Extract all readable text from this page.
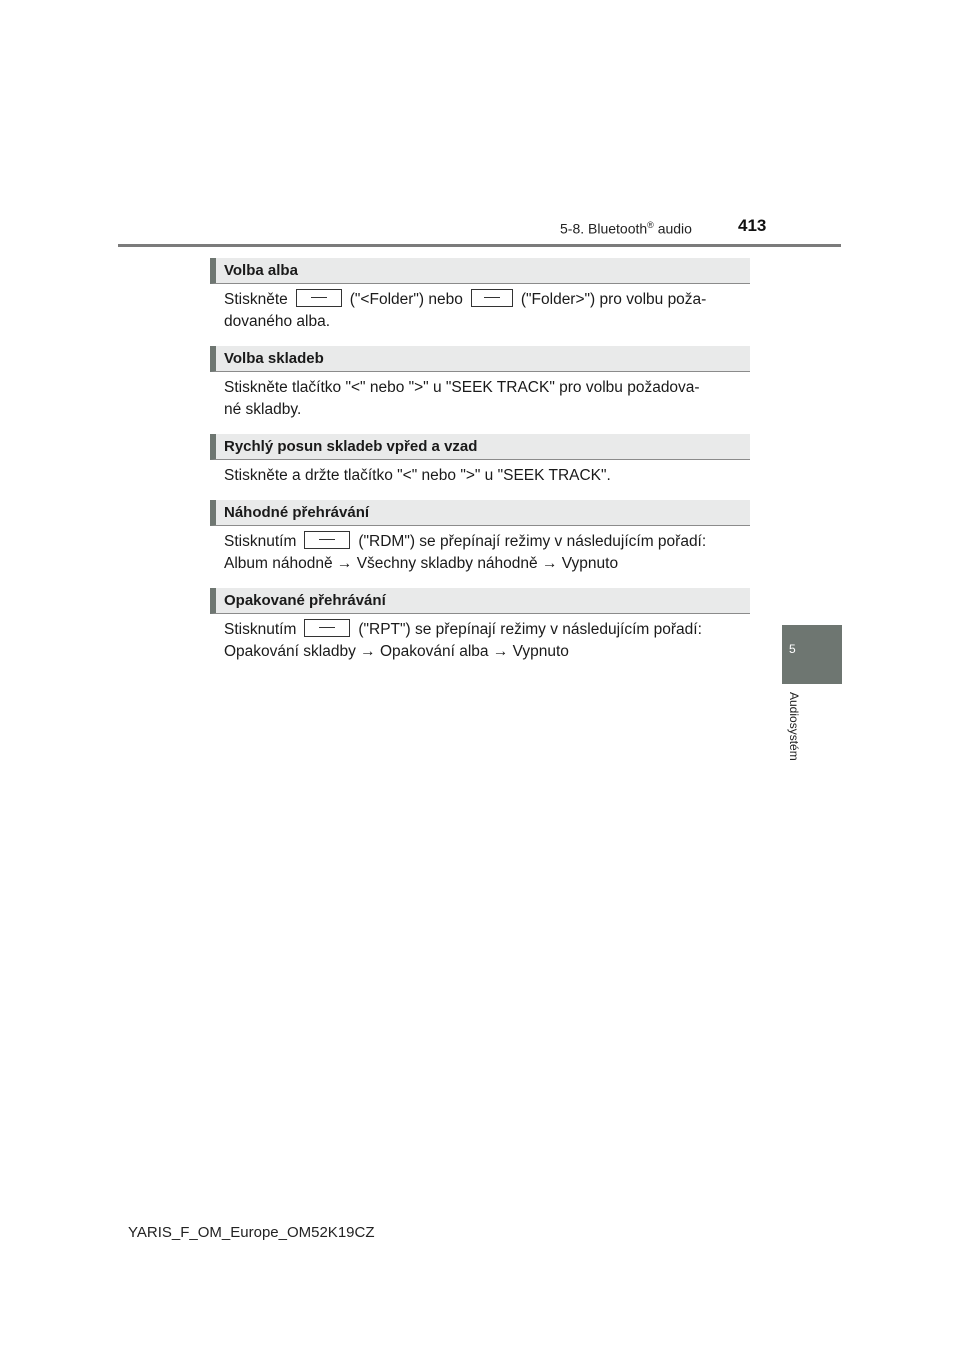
5-8. Bluetooth® audio	413
5
Audiosystém
Volba alba
Stiskněte	("<Folder") nebo	("Folder>") pro volbu poža-
dovaného alba.
Volba skladeb
Stiskněte tlačítko "<" nebo ">" u "SEEK TRACK" pro volbu požadova-
né skladby.
Rychlý posun skladeb vpřed a vzad
Stiskněte a držte tlačítko "<" nebo ">" u "SEEK TRACK".
Náhodné přehrávání
Stisknutím	("RDM") se přepínají režimy v následujícím pořadí:
Album náhodně → Všechny skladby náhodně → Vypnuto
Opakované přehrávání
Stisknutím	("RPT") se přepínají režimy v následujícím pořadí:
Opakování skladby → Opakování alba → Vypnuto
YARIS_F_OM_Europe_OM52K19CZ
